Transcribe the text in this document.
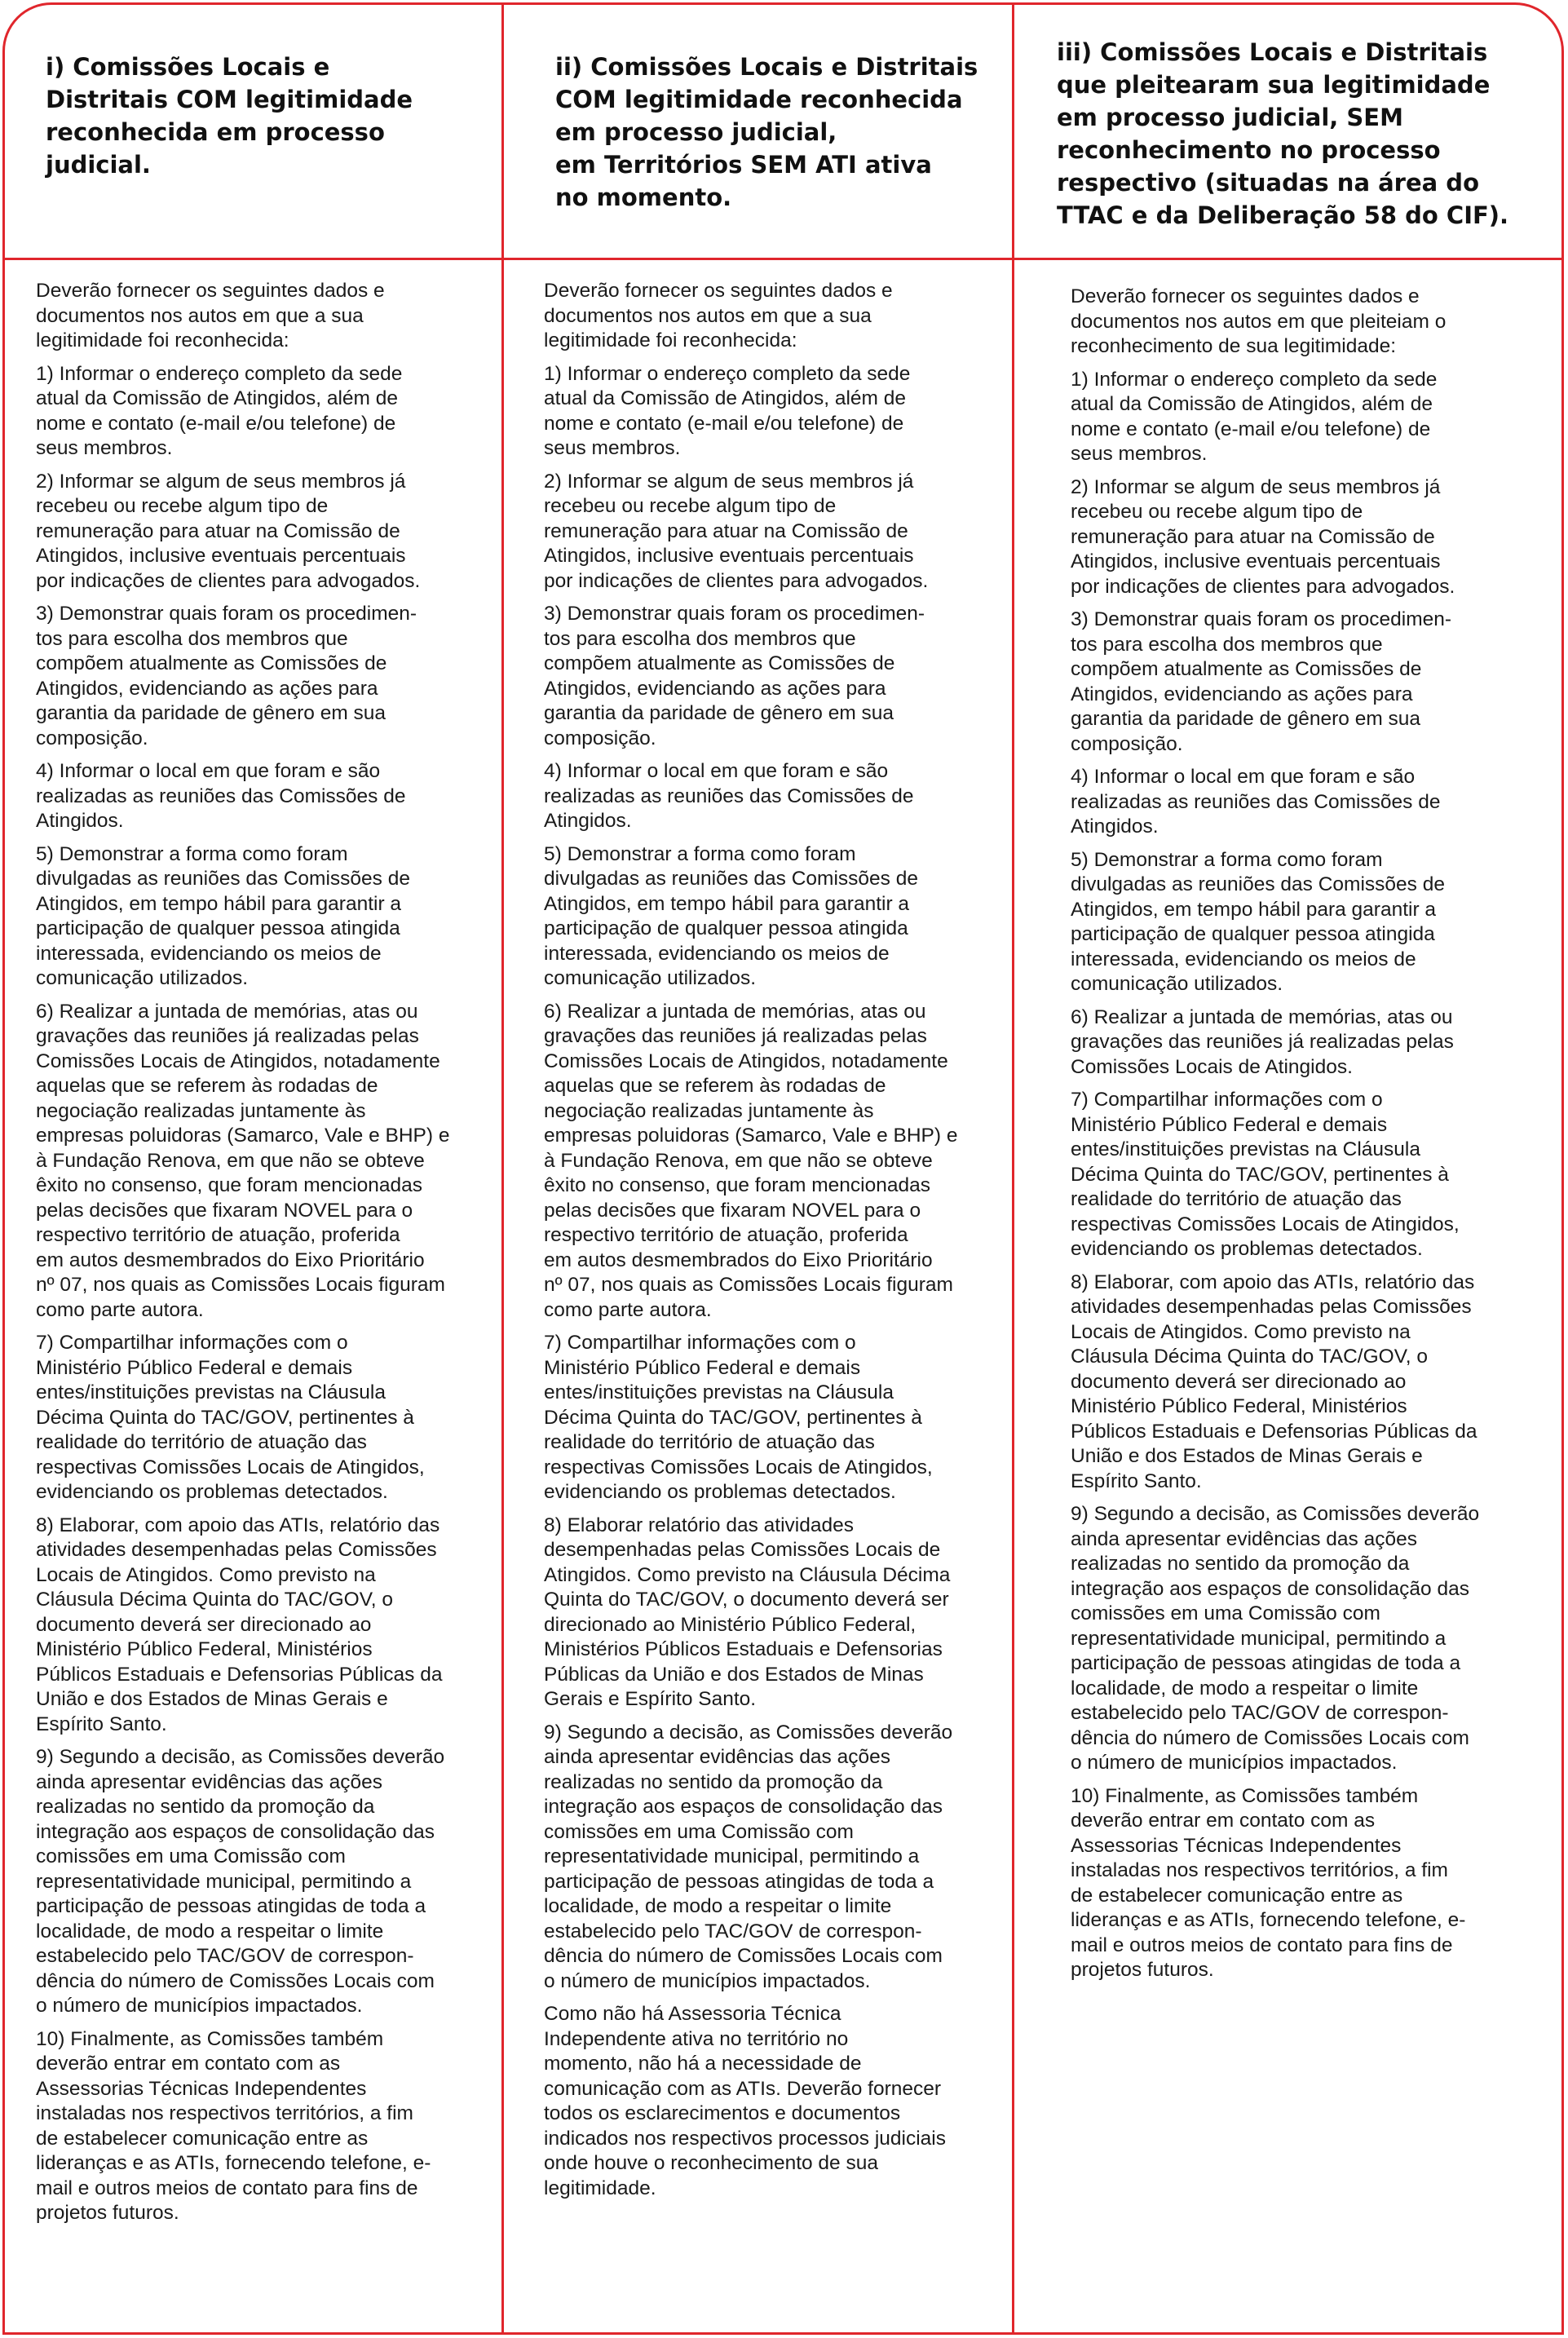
i) Comissões Locais e
Distritais COM legitimidade
reconhecida em processo
judicial.
ii) Comissões Locais e Distritais
COM legitimidade reconhecida
em processo judicial,
em Territórios SEM ATI ativa
no momento.
iii) Comissões Locais e Distritais
que pleitearam sua legitimidade
em processo judicial, SEM
reconhecimento no processo
respectivo (situadas na área do
TTAC e da Deliberação 58 do CIF).

Deverão fornecer os seguintes dados e
documentos nos autos em que a sua
legitimidade foi reconhecida:

1) Informar o endereço completo da sede
atual da Comissão de Atingidos, além de
nome e contato (e-mail e/ou telefone) de
seus membros.

2) Informar se algum de seus membros já
recebeu ou recebe algum tipo de
remuneração para atuar na Comissão de
Atingidos, inclusive eventuais percentuais
por indicações de clientes para advogados.

3) Demonstrar quais foram os procedimen-
tos para escolha dos membros que
compõem atualmente as Comissões de
Atingidos, evidenciando as ações para
garantia da paridade de gênero em sua
composição.

4) Informar o local em que foram e são
realizadas as reuniões das Comissões de
Atingidos.

5) Demonstrar a forma como foram
divulgadas as reuniões das Comissões de
Atingidos, em tempo hábil para garantir a
participação de qualquer pessoa atingida
interessada, evidenciando os meios de
comunicação utilizados.

6) Realizar a juntada de memórias, atas ou
gravações das reuniões já realizadas pelas
Comissões Locais de Atingidos, notadamente
aquelas que se referem às rodadas de
negociação realizadas juntamente às
empresas poluidoras (Samarco, Vale e BHP) e
à Fundação Renova, em que não se obteve
êxito no consenso, que foram mencionadas
pelas decisões que fixaram NOVEL para o
respectivo território de atuação, proferida
em autos desmembrados do Eixo Prioritário
nº 07, nos quais as Comissões Locais figuram
como parte autora.

7) Compartilhar informações com o
Ministério Público Federal e demais
entes/instituições previstas na Cláusula
Décima Quinta do TAC/GOV, pertinentes à
realidade do território de atuação das
respectivas Comissões Locais de Atingidos,
evidenciando os problemas detectados.

8) Elaborar, com apoio das ATIs, relatório das
atividades desempenhadas pelas Comissões
Locais de Atingidos. Como previsto na
Cláusula Décima Quinta do TAC/GOV, o
documento deverá ser direcionado ao
Ministério Público Federal, Ministérios
Públicos Estaduais e Defensorias Públicas da
União e dos Estados de Minas Gerais e
Espírito Santo.

9) Segundo a decisão, as Comissões deverão
ainda apresentar evidências das ações
realizadas no sentido da promoção da
integração aos espaços de consolidação das
comissões em uma Comissão com
representatividade municipal, permitindo a
participação de pessoas atingidas de toda a
localidade, de modo a respeitar o limite
estabelecido pelo TAC/GOV de correspon-
dência do número de Comissões Locais com
o número de municípios impactados.

10) Finalmente, as Comissões também
deverão entrar em contato com as
Assessorias Técnicas Independentes
instaladas nos respectivos territórios, a fim
de estabelecer comunicação entre as
lideranças e as ATIs, fornecendo telefone, e-
mail e outros meios de contato para fins de
projetos futuros.

Deverão fornecer os seguintes dados e
documentos nos autos em que a sua
legitimidade foi reconhecida:

1) Informar o endereço completo da sede
atual da Comissão de Atingidos, além de
nome e contato (e-mail e/ou telefone) de
seus membros.

2) Informar se algum de seus membros já
recebeu ou recebe algum tipo de
remuneração para atuar na Comissão de
Atingidos, inclusive eventuais percentuais
por indicações de clientes para advogados.

3) Demonstrar quais foram os procedimen-
tos para escolha dos membros que
compõem atualmente as Comissões de
Atingidos, evidenciando as ações para
garantia da paridade de gênero em sua
composição.

4) Informar o local em que foram e são
realizadas as reuniões das Comissões de
Atingidos.

5) Demonstrar a forma como foram
divulgadas as reuniões das Comissões de
Atingidos, em tempo hábil para garantir a
participação de qualquer pessoa atingida
interessada, evidenciando os meios de
comunicação utilizados.

6) Realizar a juntada de memórias, atas ou
gravações das reuniões já realizadas pelas
Comissões Locais de Atingidos, notadamente
aquelas que se referem às rodadas de
negociação realizadas juntamente às
empresas poluidoras (Samarco, Vale e BHP) e
à Fundação Renova, em que não se obteve
êxito no consenso, que foram mencionadas
pelas decisões que fixaram NOVEL para o
respectivo território de atuação, proferida
em autos desmembrados do Eixo Prioritário
nº 07, nos quais as Comissões Locais figuram
como parte autora.

7) Compartilhar informações com o
Ministério Público Federal e demais
entes/instituições previstas na Cláusula
Décima Quinta do TAC/GOV, pertinentes à
realidade do território de atuação das
respectivas Comissões Locais de Atingidos,
evidenciando os problemas detectados.

8) Elaborar relatório das atividades
desempenhadas pelas Comissões Locais de
Atingidos. Como previsto na Cláusula Décima
Quinta do TAC/GOV, o documento deverá ser
direcionado ao Ministério Público Federal,
Ministérios Públicos Estaduais e Defensorias
Públicas da União e dos Estados de Minas
Gerais e Espírito Santo.

9) Segundo a decisão, as Comissões deverão
ainda apresentar evidências das ações
realizadas no sentido da promoção da
integração aos espaços de consolidação das
comissões em uma Comissão com
representatividade municipal, permitindo a
participação de pessoas atingidas de toda a
localidade, de modo a respeitar o limite
estabelecido pelo TAC/GOV de correspon-
dência do número de Comissões Locais com
o número de municípios impactados.

Como não há Assessoria Técnica
Independente ativa no território no
momento, não há a necessidade de
comunicação com as ATIs. Deverão fornecer
todos os esclarecimentos e documentos
indicados nos respectivos processos judiciais
onde houve o reconhecimento de sua
legitimidade.

Deverão fornecer os seguintes dados e
documentos nos autos em que pleiteiam o
reconhecimento de sua legitimidade:

1) Informar o endereço completo da sede
atual da Comissão de Atingidos, além de
nome e contato (e-mail e/ou telefone) de
seus membros.

2) Informar se algum de seus membros já
recebeu ou recebe algum tipo de
remuneração para atuar na Comissão de
Atingidos, inclusive eventuais percentuais
por indicações de clientes para advogados.

3) Demonstrar quais foram os procedimen-
tos para escolha dos membros que
compõem atualmente as Comissões de
Atingidos, evidenciando as ações para
garantia da paridade de gênero em sua
composição.

4) Informar o local em que foram e são
realizadas as reuniões das Comissões de
Atingidos.

5) Demonstrar a forma como foram
divulgadas as reuniões das Comissões de
Atingidos, em tempo hábil para garantir a
participação de qualquer pessoa atingida
interessada, evidenciando os meios de
comunicação utilizados.

6) Realizar a juntada de memórias, atas ou
gravações das reuniões já realizadas pelas
Comissões Locais de Atingidos.

7) Compartilhar informações com o
Ministério Público Federal e demais
entes/instituições previstas na Cláusula
Décima Quinta do TAC/GOV, pertinentes à
realidade do território de atuação das
respectivas Comissões Locais de Atingidos,
evidenciando os problemas detectados.

8) Elaborar, com apoio das ATIs, relatório das
atividades desempenhadas pelas Comissões
Locais de Atingidos. Como previsto na
Cláusula Décima Quinta do TAC/GOV, o
documento deverá ser direcionado ao
Ministério Público Federal, Ministérios
Públicos Estaduais e Defensorias Públicas da
União e dos Estados de Minas Gerais e
Espírito Santo.

9) Segundo a decisão, as Comissões deverão
ainda apresentar evidências das ações
realizadas no sentido da promoção da
integração aos espaços de consolidação das
comissões em uma Comissão com
representatividade municipal, permitindo a
participação de pessoas atingidas de toda a
localidade, de modo a respeitar o limite
estabelecido pelo TAC/GOV de correspon-
dência do número de Comissões Locais com
o número de municípios impactados.

10) Finalmente, as Comissões também
deverão entrar em contato com as
Assessorias Técnicas Independentes
instaladas nos respectivos territórios, a fim
de estabelecer comunicação entre as
lideranças e as ATIs, fornecendo telefone, e-
mail e outros meios de contato para fins de
projetos futuros.
